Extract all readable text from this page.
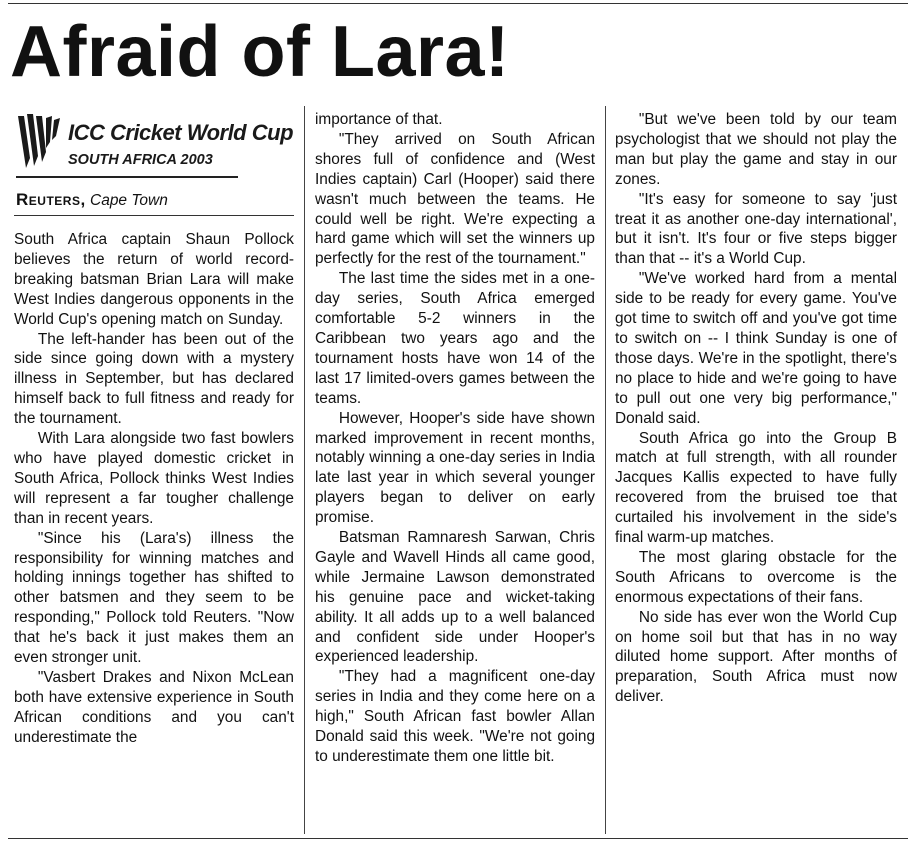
Afraid of Lara!
ICC Cricket World Cup
SOUTH AFRICA 2003
Reuters, Cape Town

South Africa captain Shaun Pollock believes the return of world record-breaking batsman Brian Lara will make West Indies dangerous opponents in the World Cup's opening match on Sunday.

The left-hander has been out of the side since going down with a mystery illness in September, but has declared himself back to full fitness and ready for the tournament.

With Lara alongside two fast bowlers who have played domestic cricket in South Africa, Pollock thinks West Indies will represent a far tougher challenge than in recent years.

"Since his (Lara's) illness the responsibility for winning matches and holding innings together has shifted to other batsmen and they seem to be responding," Pollock told Reuters. "Now that he's back it just makes them an even stronger unit.

"Vasbert Drakes and Nixon McLean both have extensive experience in South African conditions and you can't underestimate the

importance of that.

"They arrived on South African shores full of confidence and (West Indies captain) Carl (Hooper) said there wasn't much between the teams. He could well be right. We're expecting a hard game which will set the winners up perfectly for the rest of the tournament."

The last time the sides met in a one-day series, South Africa emerged comfortable 5-2 winners in the Caribbean two years ago and the tournament hosts have won 14 of the last 17 limited-overs games between the teams.

However, Hooper's side have shown marked improvement in recent months, notably winning a one-day series in India late last year in which several younger players began to deliver on early promise.

Batsman Ramnaresh Sarwan, Chris Gayle and Wavell Hinds all came good, while Jermaine Lawson demonstrated his genuine pace and wicket-taking ability. It all adds up to a well balanced and confident side under Hooper's experienced leadership.

"They had a magnificent one-day series in India and they come here on a high," South African fast bowler Allan Donald said this week. "We're not going to underestimate them one little bit.

"But we've been told by our team psychologist that we should not play the man but play the game and stay in our zones.

"It's easy for someone to say 'just treat it as another one-day international', but it isn't. It's four or five steps bigger than that -- it's a World Cup.

"We've worked hard from a mental side to be ready for every game. You've got time to switch off and you've got time to switch on -- I think Sunday is one of those days. We're in the spotlight, there's no place to hide and we're going to have to pull out one very big performance," Donald said.

South Africa go into the Group B match at full strength, with all rounder Jacques Kallis expected to have fully recovered from the bruised toe that curtailed his involvement in the side's final warm-up matches.

The most glaring obstacle for the South Africans to overcome is the enormous expectations of their fans.

No side has ever won the World Cup on home soil but that has in no way diluted home support. After months of preparation, South Africa must now deliver.
